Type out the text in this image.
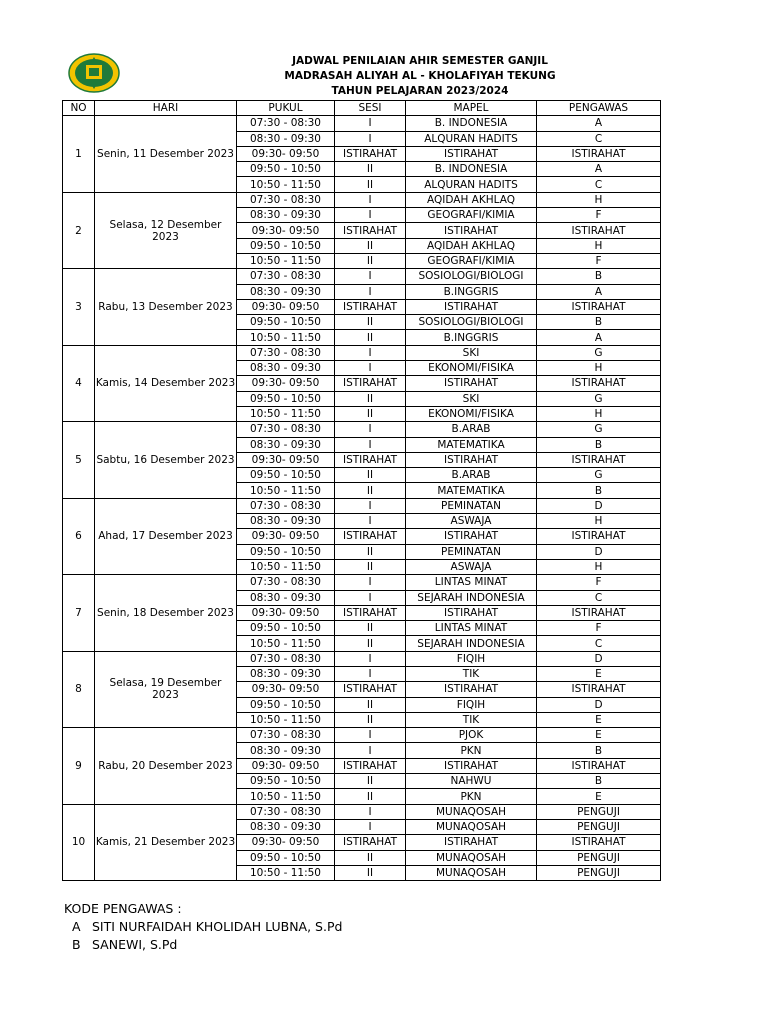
JADWAL PENILAIAN AHIR SEMESTER GANJIL
MADRASAH ALIYAH AL - KHOLAFIYAH TEKUNG
TAHUN PELAJARAN 2023/2024
NO	HARI	PUKUL	SESI	MAPEL	PENGAWAS
1	Senin, 11 Desember 2023	07:30 - 08:30	I	B. INDONESIA	A
		08:30 - 09:30	I	ALQURAN HADITS	C
		09:30- 09:50	ISTIRAHAT	ISTIRAHAT	ISTIRAHAT
		09:50 - 10:50	II	B. INDONESIA	A
		10:50 - 11:50	II	ALQURAN HADITS	C
2	Selasa, 12 Desember 2023	07:30 - 08:30	I	AQIDAH AKHLAQ	H
		08:30 - 09:30	I	GEOGRAFI/KIMIA	F
		09:30- 09:50	ISTIRAHAT	ISTIRAHAT	ISTIRAHAT
		09:50 - 10:50	II	AQIDAH AKHLAQ	H
		10:50 - 11:50	II	GEOGRAFI/KIMIA	F
3	Rabu, 13 Desember 2023	07:30 - 08:30	I	SOSIOLOGI/BIOLOGI	B
		08:30 - 09:30	I	B.INGGRIS	A
		09:30- 09:50	ISTIRAHAT	ISTIRAHAT	ISTIRAHAT
		09:50 - 10:50	II	SOSIOLOGI/BIOLOGI	B
		10:50 - 11:50	II	B.INGGRIS	A
4	Kamis, 14 Desember 2023	07:30 - 08:30	I	SKI	G
		08:30 - 09:30	I	EKONOMI/FISIKA	H
		09:30- 09:50	ISTIRAHAT	ISTIRAHAT	ISTIRAHAT
		09:50 - 10:50	II	SKI	G
		10:50 - 11:50	II	EKONOMI/FISIKA	H
5	Sabtu, 16 Desember 2023	07:30 - 08:30	I	B.ARAB	G
		08:30 - 09:30	I	MATEMATIKA	B
		09:30- 09:50	ISTIRAHAT	ISTIRAHAT	ISTIRAHAT
		09:50 - 10:50	II	B.ARAB	G
		10:50 - 11:50	II	MATEMATIKA	B
6	Ahad, 17 Desember 2023	07:30 - 08:30	I	PEMINATAN	D
		08:30 - 09:30	I	ASWAJA	H
		09:30- 09:50	ISTIRAHAT	ISTIRAHAT	ISTIRAHAT
		09:50 - 10:50	II	PEMINATAN	D
		10:50 - 11:50	II	ASWAJA	H
7	Senin, 18 Desember 2023	07:30 - 08:30	I	LINTAS MINAT	F
		08:30 - 09:30	I	SEJARAH INDONESIA	C
		09:30- 09:50	ISTIRAHAT	ISTIRAHAT	ISTIRAHAT
		09:50 - 10:50	II	LINTAS MINAT	F
		10:50 - 11:50	II	SEJARAH INDONESIA	C
8	Selasa, 19 Desember 2023	07:30 - 08:30	I	FIQIH	D
		08:30 - 09:30	I	TIK	E
		09:30- 09:50	ISTIRAHAT	ISTIRAHAT	ISTIRAHAT
		09:50 - 10:50	II	FIQIH	D
		10:50 - 11:50	II	TIK	E
9	Rabu, 20 Desember 2023	07:30 - 08:30	I	PJOK	E
		08:30 - 09:30	I	PKN	B
		09:30- 09:50	ISTIRAHAT	ISTIRAHAT	ISTIRAHAT
		09:50 - 10:50	II	NAHWU	B
		10:50 - 11:50	II	PKN	E
10	Kamis, 21 Desember 2023	07:30 - 08:30	I	MUNAQOSAH	PENGUJI
		08:30 - 09:30	I	MUNAQOSAH	PENGUJI
		09:30- 09:50	ISTIRAHAT	ISTIRAHAT	ISTIRAHAT
		09:50 - 10:50	II	MUNAQOSAH	PENGUJI
		10:50 - 11:50	II	MUNAQOSAH	PENGUJI
KODE PENGAWAS :
A SITI NURFAIDAH KHOLIDAH LUBNA, S.Pd
B SANEWI, S.Pd
